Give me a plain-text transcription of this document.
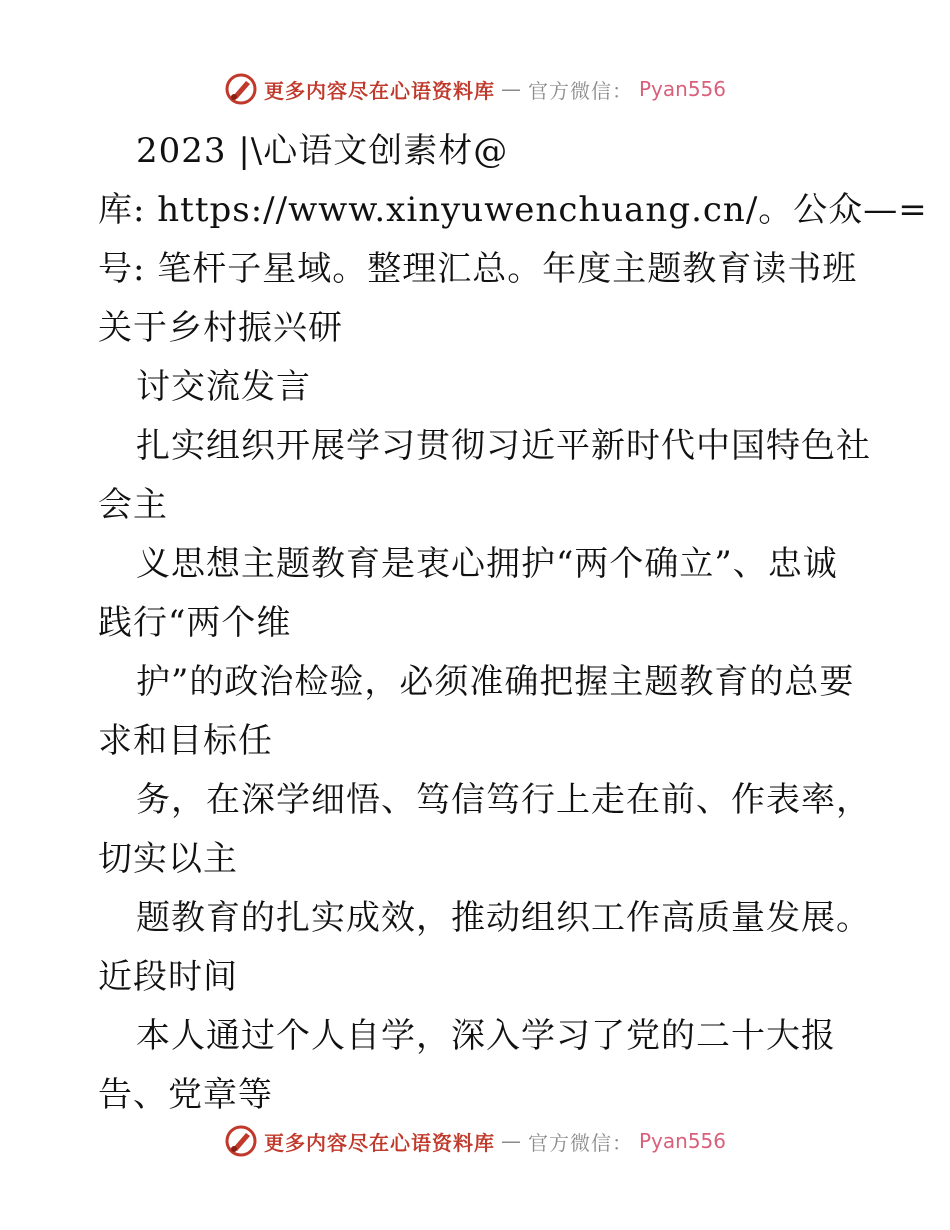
更多内容尽在心语资料库 — 官方微信： Pyan556
2023 |\心语文创素材@
库: https://www.xinyuwenchuang.cn/。公众—=
号: 笔杆子星域。整理汇总。年度主题教育读书班
关于乡村振兴研
讨交流发言
扎实组织开展学习贯彻习近平新时代中国特色社
会主
义思想主题教育是衷心拥护“两个确立”、忠诚
践行“两个维
护”的政治检验，必须准确把握主题教育的总要
求和目标任
务，在深学细悟、笃信笃行上走在前、作表率，
切实以主
题教育的扎实成效，推动组织工作高质量发展。
近段时间
本人通过个人自学，深入学习了党的二十大报
告、党章等
更多内容尽在心语资料库 — 官方微信： Pyan556
